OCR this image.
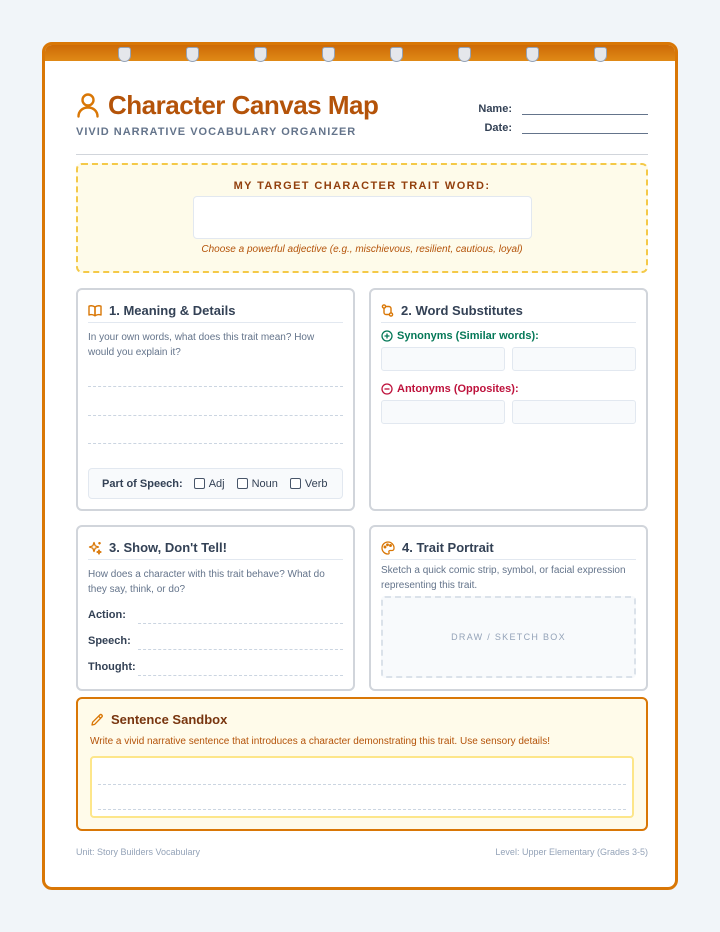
Character Canvas Map
VIVID NARRATIVE VOCABULARY ORGANIZER
Name:
Date:
MY TARGET CHARACTER TRAIT WORD:
Choose a powerful adjective (e.g., mischievous, resilient, cautious, loyal)
1. Meaning & Details
In your own words, what does this trait mean? How would you explain it?
Part of Speech: Adj Noun Verb
2. Word Substitutes
Synonyms (Similar words):
Antonyms (Opposites):
3. Show, Don't Tell!
How does a character with this trait behave? What do they say, think, or do?
Action:
Speech:
Thought:
4. Trait Portrait
Sketch a quick comic strip, symbol, or facial expression representing this trait.
DRAW / SKETCH BOX
Sentence Sandbox
Write a vivid narrative sentence that introduces a character demonstrating this trait. Use sensory details!
Unit: Story Builders Vocabulary	Level: Upper Elementary (Grades 3-5)
